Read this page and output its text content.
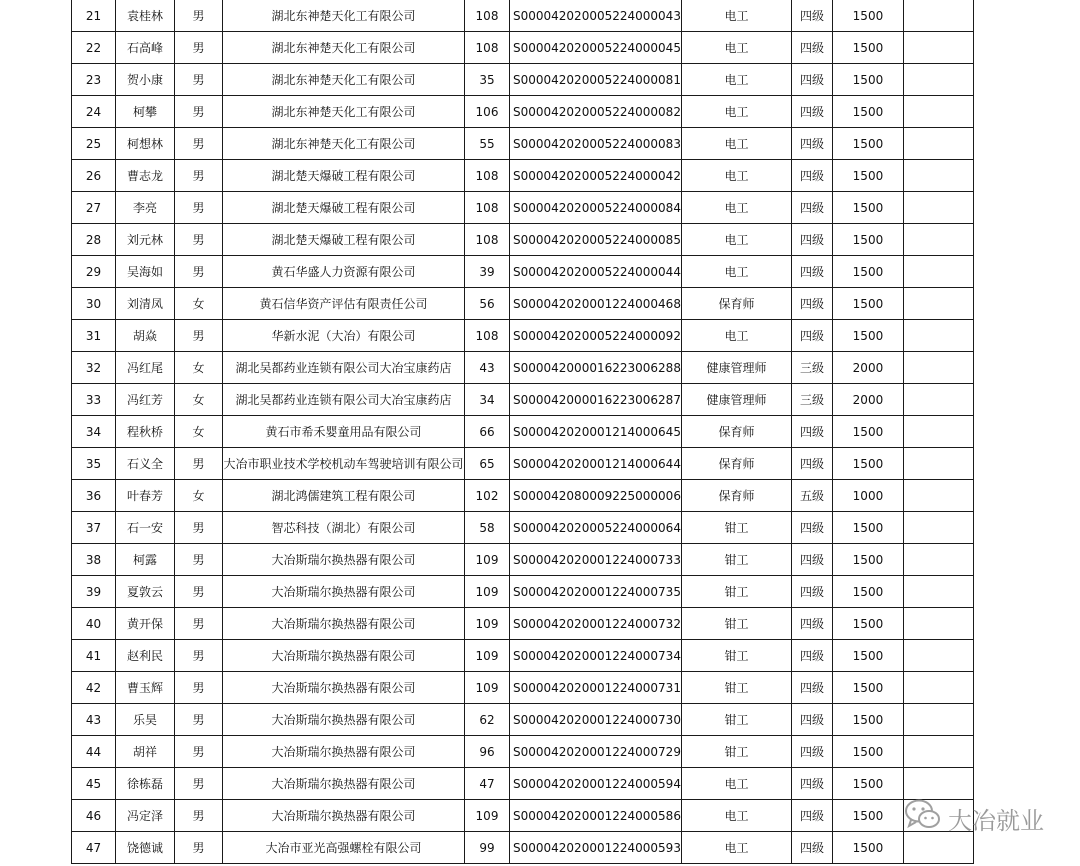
21	袁桂林	男	湖北东神楚天化工有限公司	108	S000042020005224000043	电工	四级	1500	
22	石高峰	男	湖北东神楚天化工有限公司	108	S000042020005224000045	电工	四级	1500	
23	贺小康	男	湖北东神楚天化工有限公司	35	S000042020005224000081	电工	四级	1500	
24	柯攀	男	湖北东神楚天化工有限公司	106	S000042020005224000082	电工	四级	1500	
25	柯想林	男	湖北东神楚天化工有限公司	55	S000042020005224000083	电工	四级	1500	
26	曹志龙	男	湖北楚天爆破工程有限公司	108	S000042020005224000042	电工	四级	1500	
27	李亮	男	湖北楚天爆破工程有限公司	108	S000042020005224000084	电工	四级	1500	
28	刘元林	男	湖北楚天爆破工程有限公司	108	S000042020005224000085	电工	四级	1500	
29	吴海如	男	黄石华盛人力资源有限公司	39	S000042020005224000044	电工	四级	1500	
30	刘清凤	女	黄石信华资产评估有限责任公司	56	S000042020001224000468	保育师	四级	1500	
31	胡焱	男	华新水泥（大冶）有限公司	108	S000042020005224000092	电工	四级	1500	
32	冯红尾	女	湖北吴都药业连锁有限公司大冶宝康药店	43	S000042000016223006288	健康管理师	三级	2000	
33	冯红芳	女	湖北吴都药业连锁有限公司大冶宝康药店	34	S000042000016223006287	健康管理师	三级	2000	
34	程秋桥	女	黄石市希禾婴童用品有限公司	66	S000042020001214000645	保育师	四级	1500	
35	石义全	男	大冶市职业技术学校机动车驾驶培训有限公司	65	S000042020001214000644	保育师	四级	1500	
36	叶春芳	女	湖北鸿儒建筑工程有限公司	102	S000042080009225000006	保育师	五级	1000	
37	石一安	男	智芯科技（湖北）有限公司	58	S000042020005224000064	钳工	四级	1500	
38	柯露	男	大冶斯瑞尔换热器有限公司	109	S000042020001224000733	钳工	四级	1500	
39	夏敦云	男	大冶斯瑞尔换热器有限公司	109	S000042020001224000735	钳工	四级	1500	
40	黄开保	男	大冶斯瑞尔换热器有限公司	109	S000042020001224000732	钳工	四级	1500	
41	赵利民	男	大冶斯瑞尔换热器有限公司	109	S000042020001224000734	钳工	四级	1500	
42	曹玉辉	男	大冶斯瑞尔换热器有限公司	109	S000042020001224000731	钳工	四级	1500	
43	乐昊	男	大冶斯瑞尔换热器有限公司	62	S000042020001224000730	钳工	四级	1500	
44	胡祥	男	大冶斯瑞尔换热器有限公司	96	S000042020001224000729	钳工	四级	1500	
45	徐栋磊	男	大冶斯瑞尔换热器有限公司	47	S000042020001224000594	电工	四级	1500	
46	冯定泽	男	大冶斯瑞尔换热器有限公司	109	S000042020001224000586	电工	四级	1500	
47	饶德诚	男	大冶市亚光高强螺栓有限公司	99	S000042020001224000593	电工	四级	1500	
大冶就业
